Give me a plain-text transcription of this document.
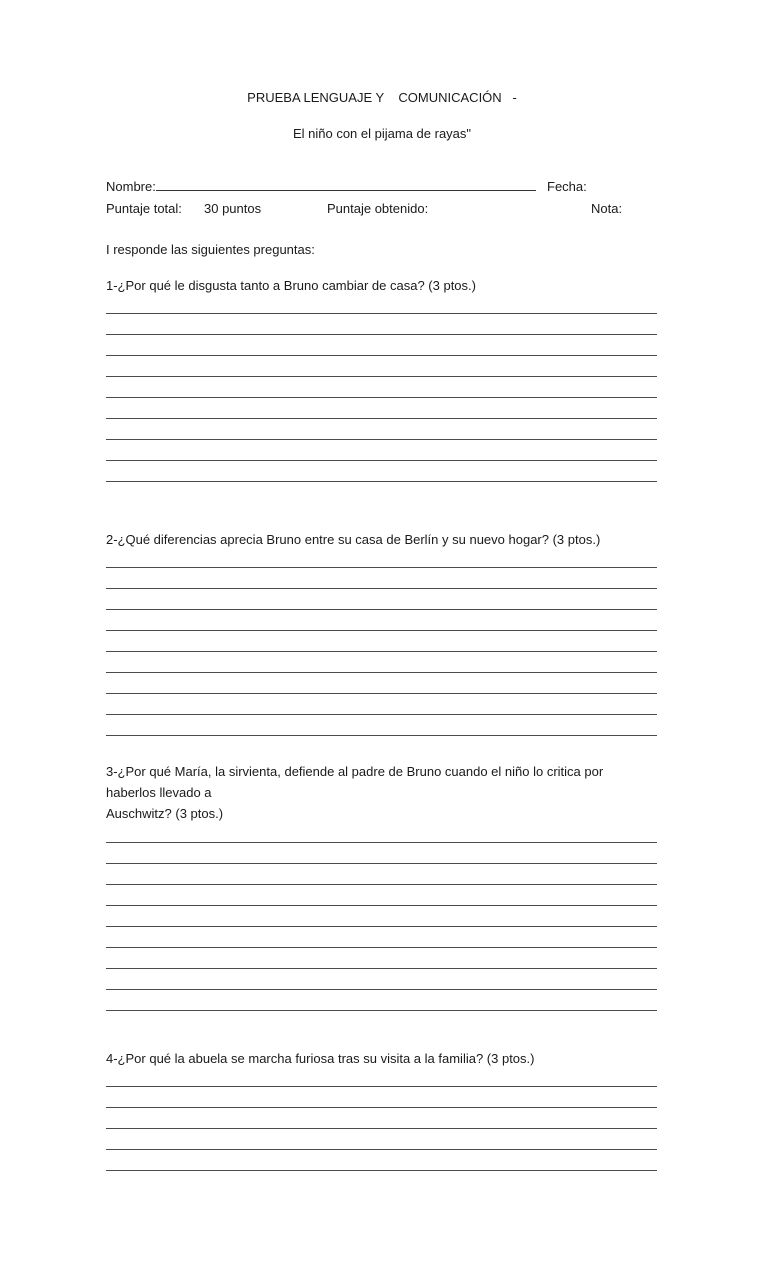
PRUEBA LENGUAJE Y    COMUNICACIÓN   -
El niño con el pijama de rayas"
Nombre:	Fecha:
Puntaje total: 30 puntos	Puntaje obtenido:	Nota:
I responde las siguientes preguntas:
1-¿Por qué le disgusta tanto a Bruno cambiar de casa? (3 ptos.)
2-¿Qué diferencias aprecia Bruno entre su casa de Berlín y su nuevo hogar? (3 ptos.)
3-¿Por qué María, la sirvienta, defiende al padre de Bruno cuando el niño lo critica por
haberlos llevado a
Auschwitz? (3 ptos.)
4-¿Por qué la abuela se marcha furiosa tras su visita a la familia? (3 ptos.)
